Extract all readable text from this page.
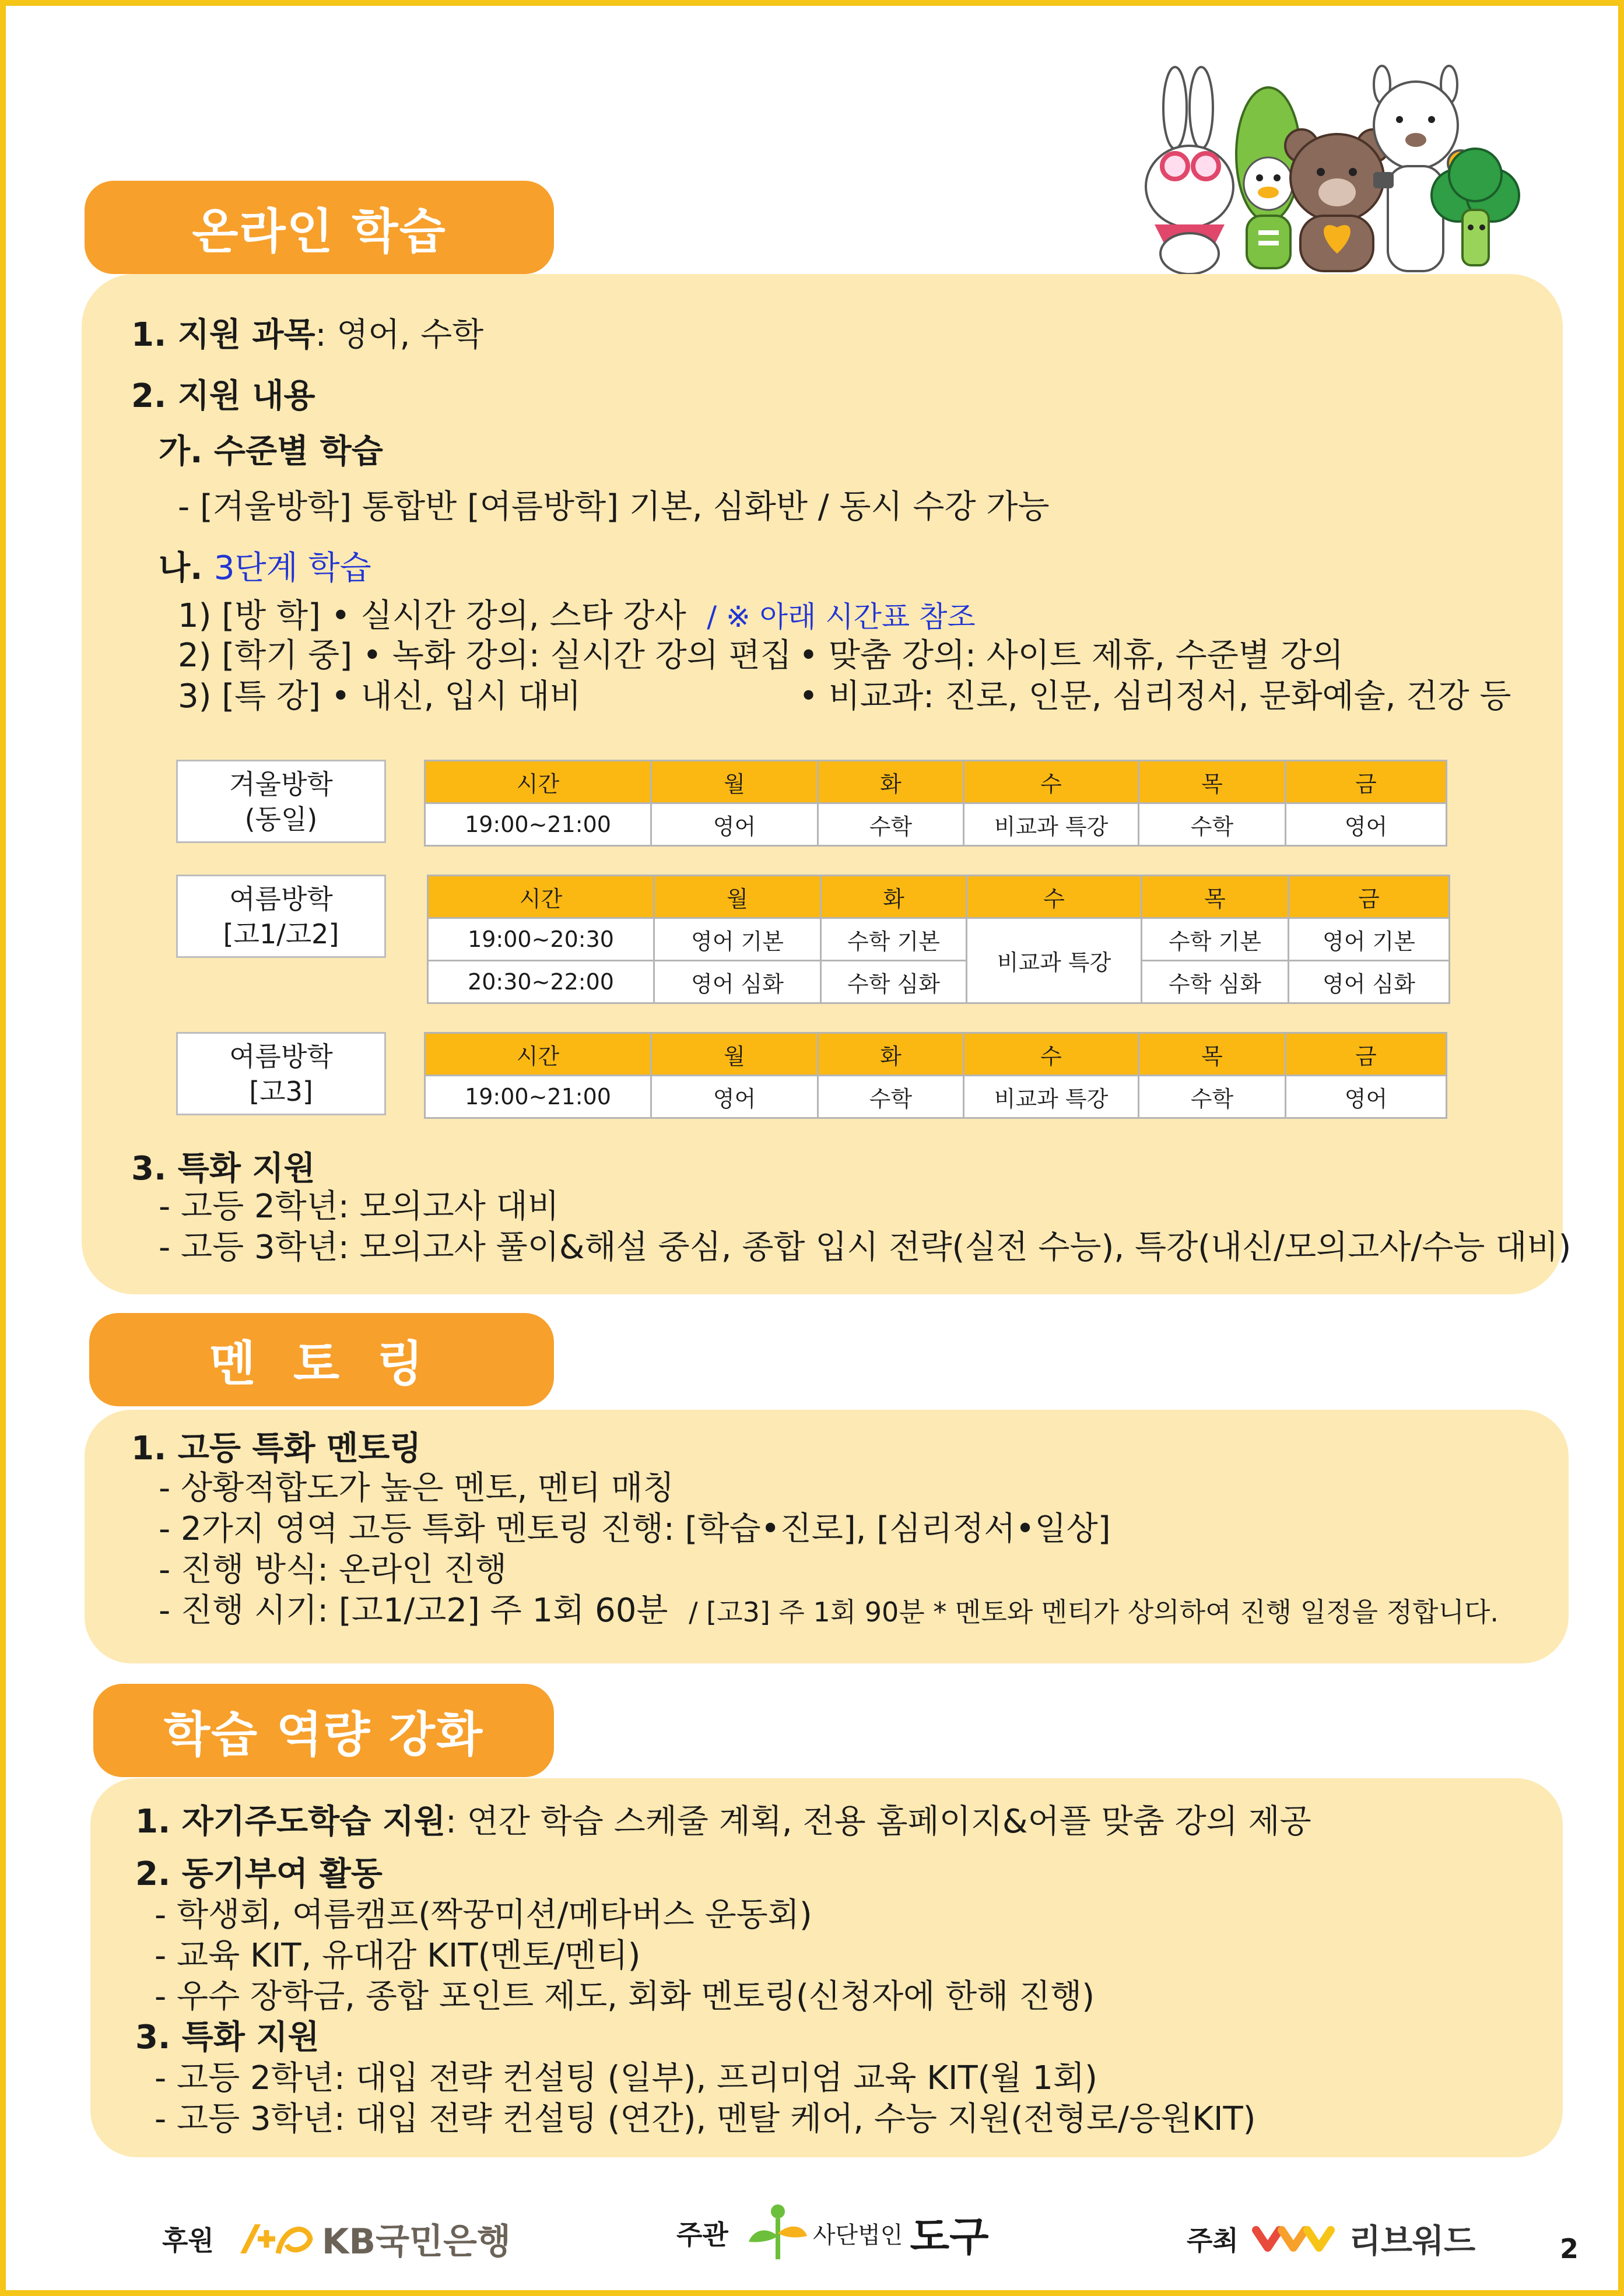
온라인 학습
1. 지원 과목: 영어, 수학
2. 지원 내용
가. 수준별 학습
- [겨울방학] 통합반 [여름방학] 기본, 심화반 / 동시 수강 가능
나. 3단계 학습
1) [방 학] • 실시간 강의, 스타 강사 / ※ 아래 시간표 참조
2) [학기 중] • 녹화 강의: 실시간 강의 편집 • 맞춤 강의: 사이트 제휴, 수준별 강의
3) [특 강] • 내신, 입시 대비	• 비교과: 진로, 인문, 심리정서, 문화예술, 건강 등
겨울방학
(동일)
시간	월	화	수	목	금
19:00~21:00	영어	수학	비교과 특강	수학	영어
여름방학
[고1/고2]
시간	월	화	수	목	금
19:00~20:30	영어 기본	수학 기본	비교과 특강	수학 기본	영어 기본
20:30~22:00	영어 심화	수학 심화		수학 심화	영어 심화
여름방학
[고3]
시간	월	화	수	목	금
19:00~21:00	영어	수학	비교과 특강	수학	영어
3. 특화 지원
- 고등 2학년: 모의고사 대비
- 고등 3학년: 모의고사 풀이&해설 중심, 종합 입시 전략(실전 수능), 특강(내신/모의고사/수능 대비)
멘 토 링
1. 고등 특화 멘토링
- 상황적합도가 높은 멘토, 멘티 매칭
- 2가지 영역 고등 특화 멘토링 진행: [학습•진로], [심리정서•일상]
- 진행 방식: 온라인 진행
- 진행 시기: [고1/고2] 주 1회 60분 / [고3] 주 1회 90분 * 멘토와 멘티가 상의하여 진행 일정을 정합니다.
학습 역량 강화
1. 자기주도학습 지원: 연간 학습 스케줄 계획, 전용 홈페이지&어플 맞춤 강의 제공
2. 동기부여 활동
- 학생회, 여름캠프(짝꿍미션/메타버스 운동회)
- 교육 KIT, 유대감 KIT(멘토/멘티)
- 우수 장학금, 종합 포인트 제도, 회화 멘토링(신청자에 한해 진행)
3. 특화 지원
- 고등 2학년: 대입 전략 컨설팅 (일부), 프리미엄 교육 KIT(월 1회)
- 고등 3학년: 대입 전략 컨설팅 (연간), 멘탈 케어, 수능 지원(전형로/응원KIT)
후원	KB국민은행	주관	사단법인 도구	주최	리브워드	2
